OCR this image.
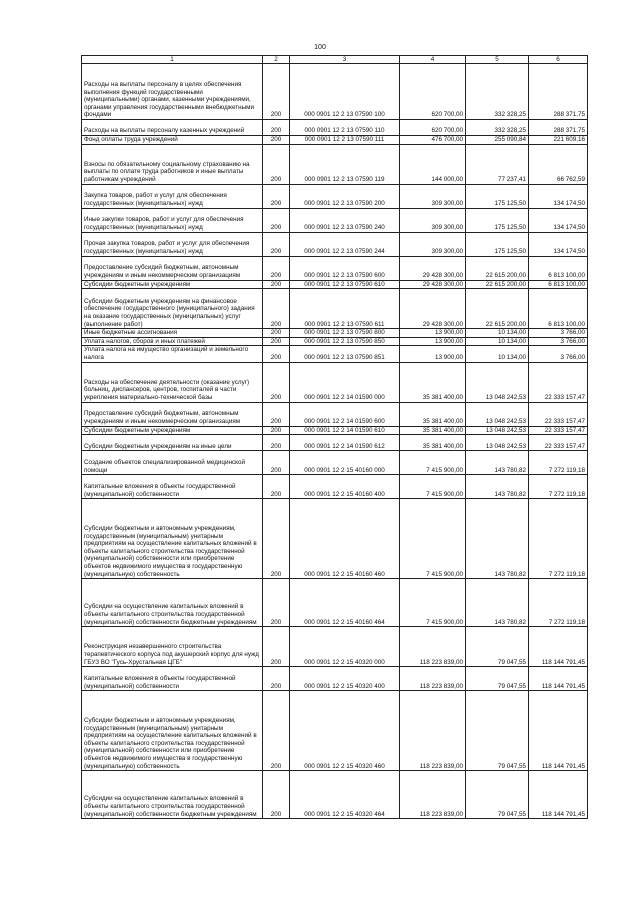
100
1	2	3	4	5	6
Расходы на выплаты персоналу в целях обеспечения выполнения функций государственными (муниципальными) органами, казенными учреждениями, органами управления государственными внебюджетными фондами	200	000 0901 12 2 13 07590 100	620 700,00	332 328,25	288 371,75
Расходы на выплаты персоналу казенных учреждений	200	000 0901 12 2 13 07590 110	620 700,00	332 328,25	288 371,75
Фонд оплаты труда учреждений	200	000 0901 12 2 13 07590 111	476 700,00	255 090,84	221 609,16
Взносы по обязательному социальному страхованию на выплаты по оплате труда работников и иные выплаты работникам учреждений	200	000 0901 12 2 13 07590 119	144 000,00	77 237,41	66 762,59
Закупка товаров, работ и услуг для обеспечения государственных (муниципальных) нужд	200	000 0901 12 2 13 07590 200	309 300,00	175 125,50	134 174,50
Иные закупки товаров, работ и услуг для обеспечения государственных (муниципальных) нужд	200	000 0901 12 2 13 07590 240	309 300,00	175 125,50	134 174,50
Прочая закупка товаров, работ и услуг для обеспечения государственных (муниципальных) нужд	200	000 0901 12 2 13 07590 244	309 300,00	175 125,50	134 174,50
Предоставление субсидий бюджетным, автономным учреждениям и иным некоммерческим организациям	200	000 0901 12 2 13 07590 600	29 428 300,00	22 615 200,00	6 813 100,00
Субсидии бюджетным учреждениям	200	000 0901 12 2 13 07590 610	29 428 300,00	22 615 200,00	6 813 100,00
Субсидии бюджетным учреждениям на финансовое обеспечение государственного (муниципального) задания на оказание государственных (муниципальных) услуг (выполнение работ)	200	000 0901 12 2 13 07590 611	29 428 300,00	22 615 200,00	6 813 100,00
Иные бюджетные ассигнования	200	000 0901 12 2 13 07590 800	13 900,00	10 134,00	3 766,00
Уплата налогов, сборов и иных платежей	200	000 0901 12 2 13 07590 850	13 900,00	10 134,00	3 766,00
Уплата налога на имущество организаций и земельного налога	200	000 0901 12 2 13 07590 851	13 900,00	10 134,00	3 766,00
Расходы на обеспечение деятельности (оказание услуг) больниц, диспансеров, центров, госпиталей в части укрепления материально-технической базы	200	000 0901 12 2 14 01590 000	35 381 400,00	13 048 242,53	22 333 157,47
Предоставление субсидий бюджетным, автономным учреждениям и иным некоммерческим организациям	200	000 0901 12 2 14 01590 600	35 381 400,00	13 048 242,53	22 333 157,47
Субсидии бюджетным учреждениям	200	000 0901 12 2 14 01590 610	35 381 400,00	13 048 242,53	22 333 157,47
Субсидии бюджетным учреждениям на иные цели	200	000 0901 12 2 14 01590 612	35 381 400,00	13 048 242,53	22 333 157,47
Создание объектов специализированной медицинской помощи	200	000 0901 12 2 15 40160 000	7 415 900,00	143 780,82	7 272 119,18
Капитальные вложения в объекты государственной (муниципальной) собственности	200	000 0901 12 2 15 40160 400	7 415 900,00	143 780,82	7 272 119,18
Субсидии бюджетным и автономным учреждениям, государственным (муниципальным) унитарным предприятиям на осуществление капитальных вложений в объекты капитального строительства государственной (муниципальной) собственности или приобретение объектов недвижимого имущества в государственную (муниципальную) собственность	200	000 0901 12 2 15 40160 460	7 415 900,00	143 780,82	7 272 119,18
Субсидии на осуществление капитальных вложений в объекты капитального строительства государственной (муниципальной) собственности бюджетным учреждениям	200	000 0901 12 2 15 40160 464	7 415 900,00	143 780,82	7 272 119,18
Реконструкция незавершенного строительства терапевтического корпуса под акушерский корпус для нужд ГБУЗ ВО "Гусь-Хрустальная ЦГБ"	200	000 0901 12 2 15 40320 000	118 223 839,00	79 047,55	118 144 791,45
Капитальные вложения в объекты государственной (муниципальной) собственности	200	000 0901 12 2 15 40320 400	118 223 839,00	79 047,55	118 144 791,45
Субсидии бюджетным и автономным учреждениям, государственным (муниципальным) унитарным предприятиям на осуществление капитальных вложений в объекты капитального строительства государственной (муниципальной) собственности или приобретение объектов недвижимого имущества в государственную (муниципальную) собственность	200	000 0901 12 2 15 40320 460	118 223 839,00	79 047,55	118 144 791,45
Субсидии на осуществление капитальных вложений в объекты капитального строительства государственной (муниципальной) собственности бюджетным учреждениям	200	000 0901 12 2 15 40320 464	118 223 839,00	79 047,55	118 144 791,45
